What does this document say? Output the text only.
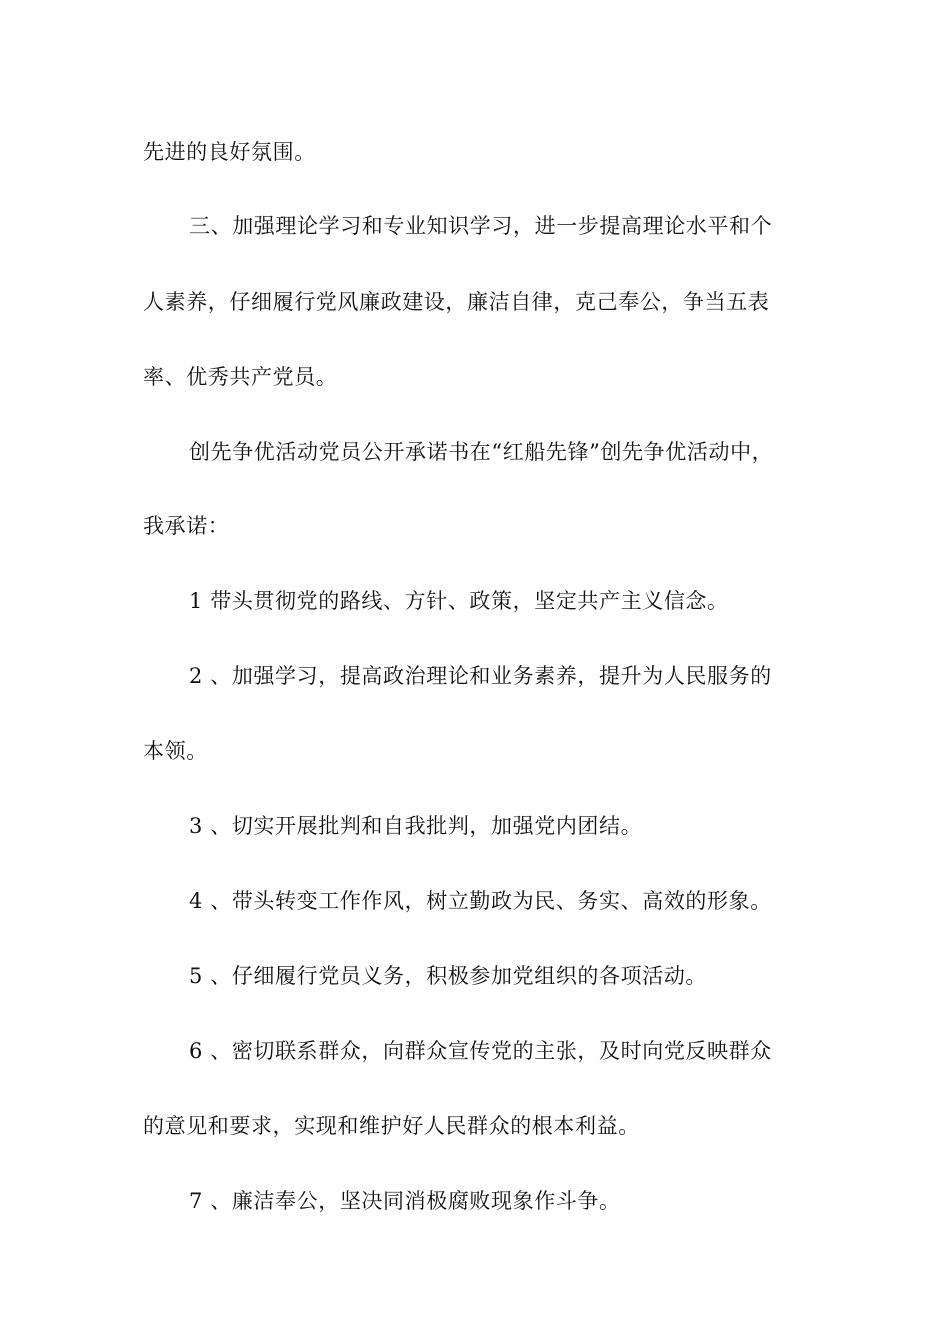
先进的良好氛围。
三、加强理论学习和专业知识学习，进一步提高理论水平和个
人素养，仔细履行党风廉政建设，廉洁自律，克己奉公，争当五表
率、优秀共产党员。
创先争优活动党员公开承诺书在“红船先锋”创先争优活动中，
我承诺：
1 带头贯彻党的路线、方针、政策，坚定共产主义信念。
2 、加强学习，提高政治理论和业务素养，提升为人民服务的
本领。
3 、切实开展批判和自我批判，加强党内团结。
4 、带头转变工作作风，树立勤政为民、务实、高效的形象。
5 、仔细履行党员义务，积极参加党组织的各项活动。
6 、密切联系群众，向群众宣传党的主张，及时向党反映群众
的意见和要求，实现和维护好人民群众的根本利益。
7 、廉洁奉公，坚决同消极腐败现象作斗争。
